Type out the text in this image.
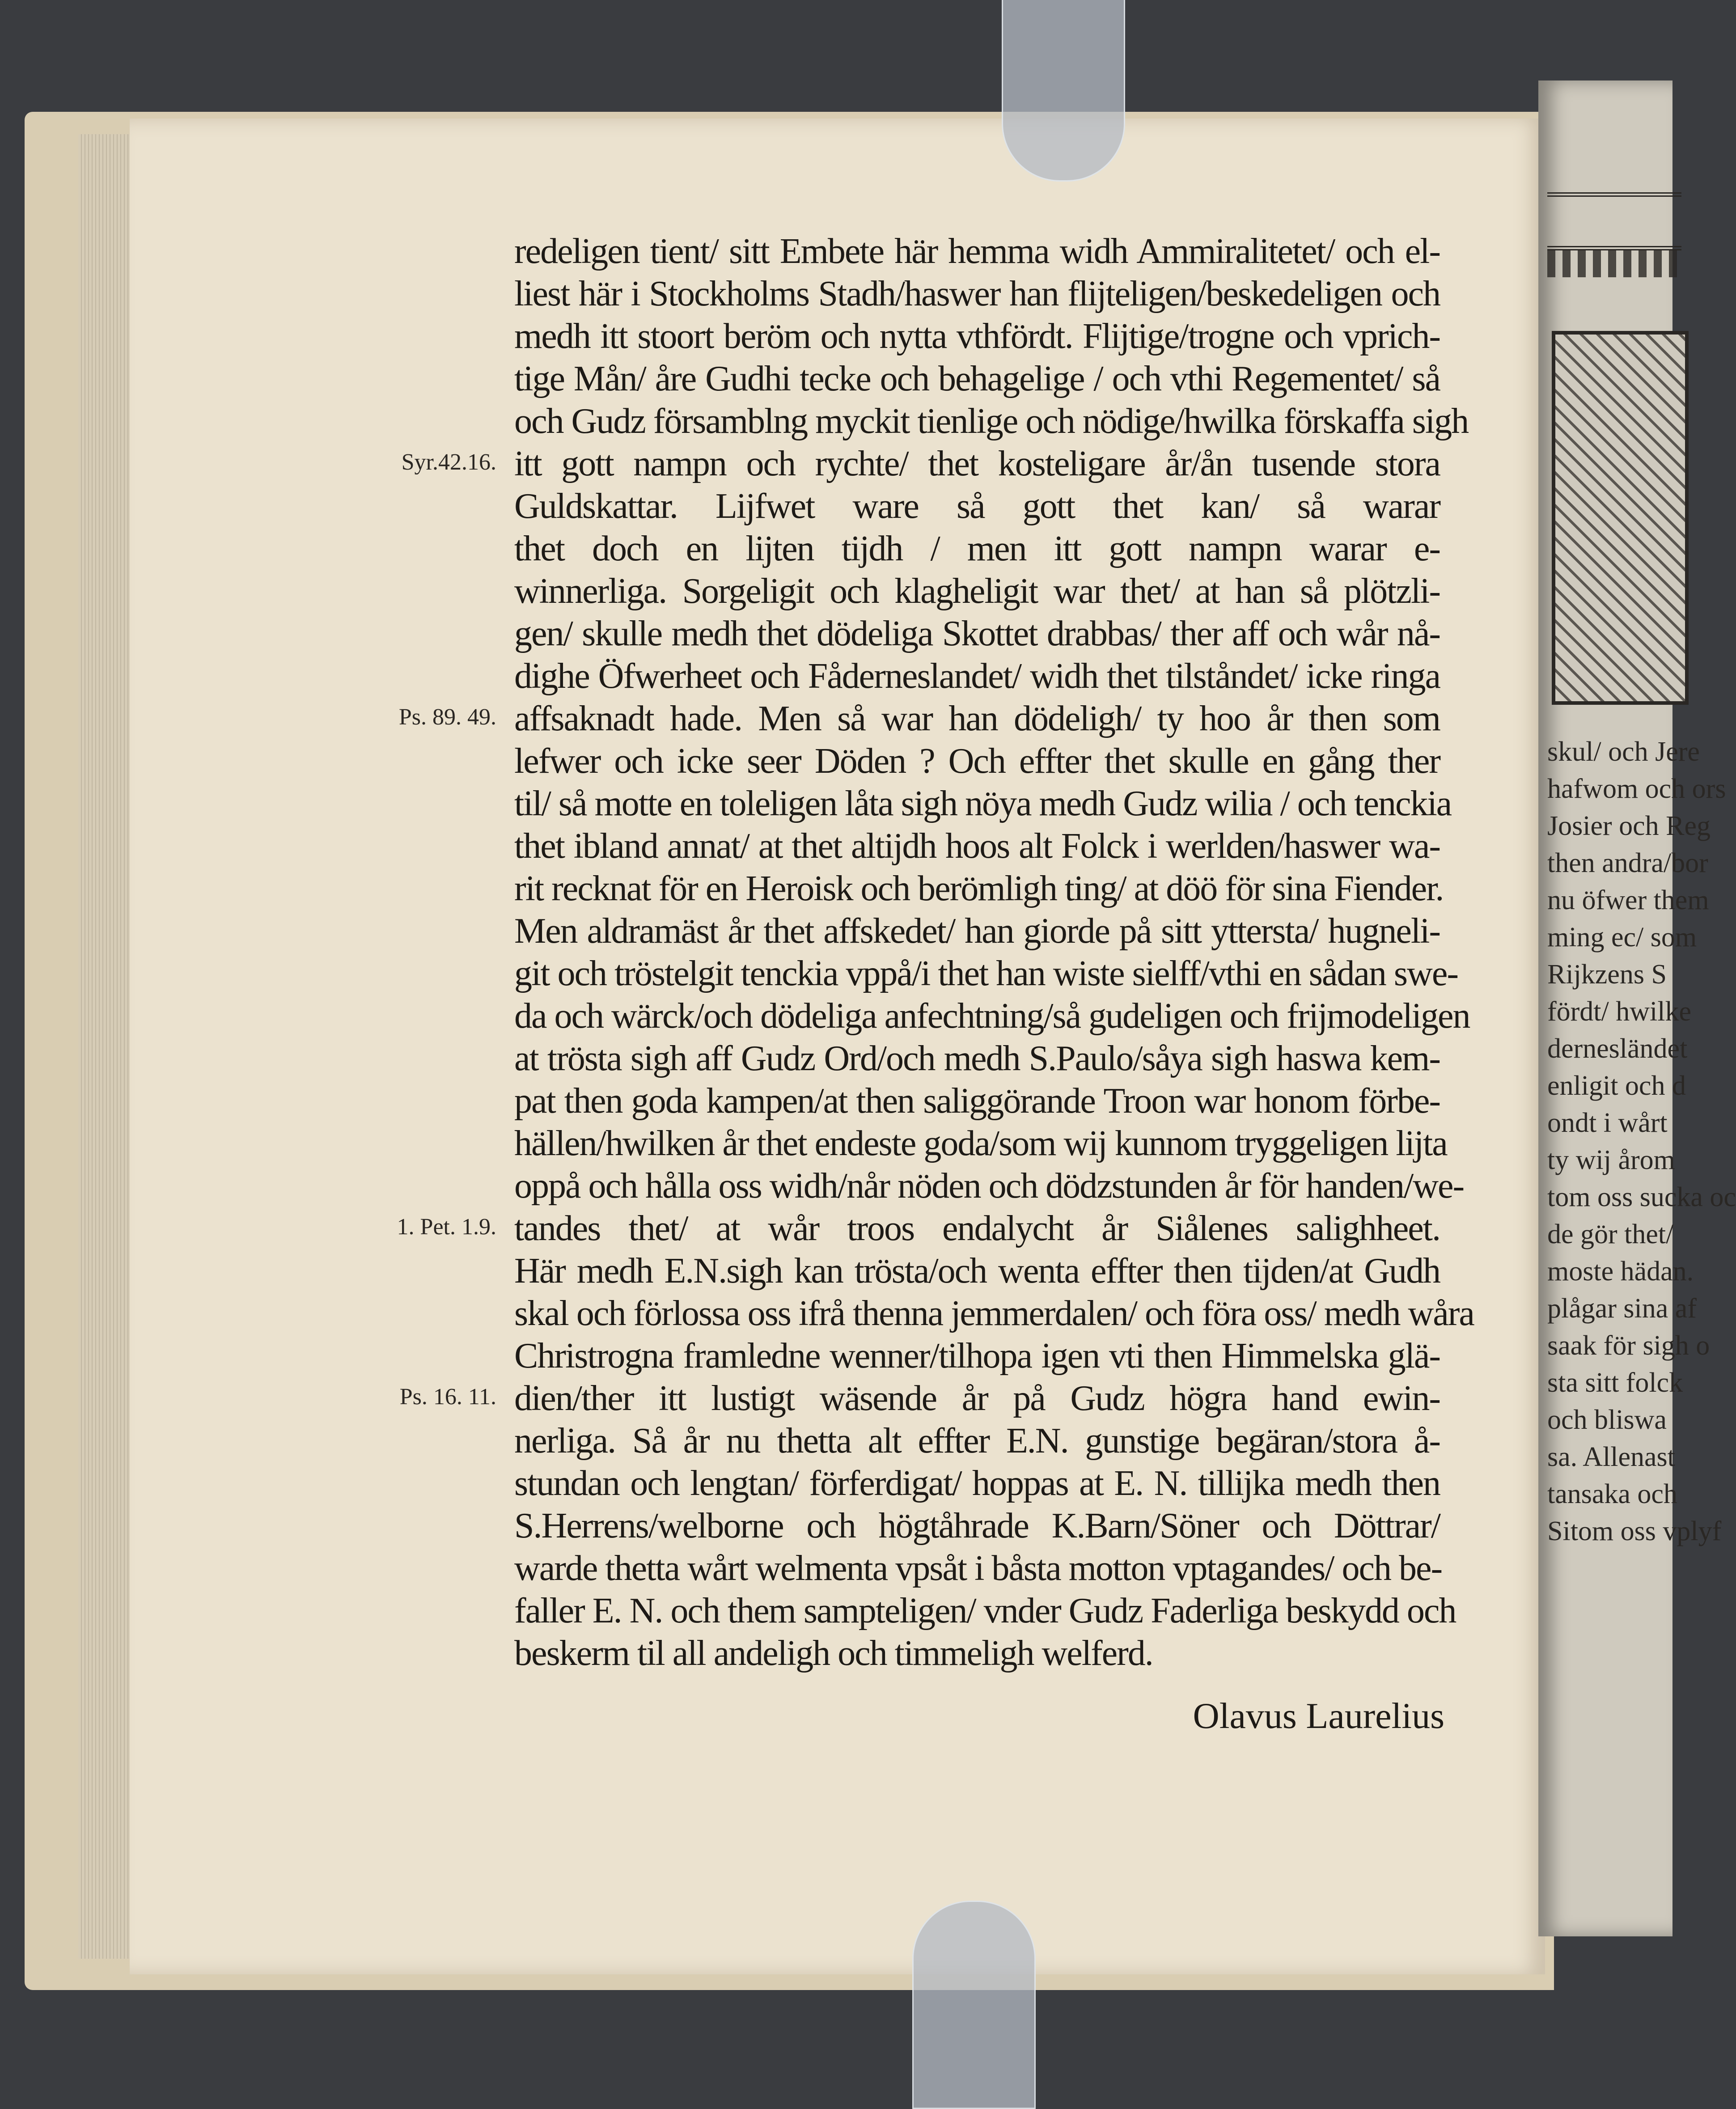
skul/ och Jere
hafwom och ors
Josier och Reg
then andra/bor
nu öfwer them
ming ec/ som
Rijkzens S
fördt/ hwilke
dernesländet
enligit och d
ondt i wårt
ty wij årom
tom oss sucka oc
de gör thet/
moste hädan.
plågar sina af
saak för sigh o
sta sitt folck
och bliswa
sa. Allenast
tansaka och
Sitom oss vplyf
redeligen tient/ sitt Embete här hemma widh Ammiralitetet/ och el-
liest här i Stockholms Stadh/haswer han flijteligen/beskedeligen och
medh itt stoort beröm och nytta vthfördt. Flijtige/trogne och vprich-
tige Mån/ åre Gudhi tecke och behagelige / och vthi Regementet/ så
och Gudz församblng myckit tienlige och nödige/hwilka förskaffa sigh
itt gott nampn och rychte/ thet kosteligare år/ån tusende stora
Guldskattar. Lijfwet ware så gott thet kan/ så warar
thet doch en lijten tijdh / men itt gott nampn warar e-
winnerliga. Sorgeligit och klagheligit war thet/ at han så plötzli-
gen/ skulle medh thet dödeliga Skottet drabbas/ ther aff och wår nå-
dighe Öfwerheet och Fåderneslandet/ widh thet tilståndet/ icke ringa
affsaknadt hade. Men så war han dödeligh/ ty hoo år then som
lefwer och icke seer Döden ? Och effter thet skulle en gång ther
til/ så motte en toleligen låta sigh nöya medh Gudz wilia / och tenckia
thet ibland annat/ at thet altijdh hoos alt Folck i werlden/haswer wa-
rit recknat för en Heroisk och berömligh ting/ at döö för sina Fiender.
Men aldramäst år thet affskedet/ han giorde på sitt yttersta/ hugneli-
git och tröstelgit tenckia vppå/i thet han wiste sielff/vthi en sådan swe-
da och wärck/och dödeliga anfechtning/så gudeligen och frijmodeligen
at trösta sigh aff Gudz Ord/och medh S.Paulo/såya sigh haswa kem-
pat then goda kampen/at then saliggörande Troon war honom förbe-
hällen/hwilken år thet endeste goda/som wij kunnom tryggeligen lijta
oppå och hålla oss widh/når nöden och dödzstunden år för handen/we-
tandes thet/ at wår troos endalycht år Siålenes salighheet.
Här medh E.N.sigh kan trösta/och wenta effter then tijden/at Gudh
skal och förlossa oss ifrå thenna jemmerdalen/ och föra oss/ medh wåra
Christrogna framledne wenner/tilhopa igen vti then Himmelska glä-
dien/ther itt lustigt wäsende år på Gudz högra hand ewin-
nerliga. Så år nu thetta alt effter E.N. gunstige begäran/stora å-
stundan och lengtan/ förferdigat/ hoppas at E. N. tillijka medh then
S.Herrens/welborne och högtåhrade K.Barn/Söner och Döttrar/
warde thetta wårt welmenta vpsåt i båsta motton vptagandes/ och be-
faller E. N. och them sampteligen/ vnder Gudz Faderliga beskydd och
beskerm til all andeligh och timmeligh welferd.
Syr.42.16.
Ps. 89. 49.
1. Pet. 1.9.
Ps. 16. 11.
Olavus Laurelius
